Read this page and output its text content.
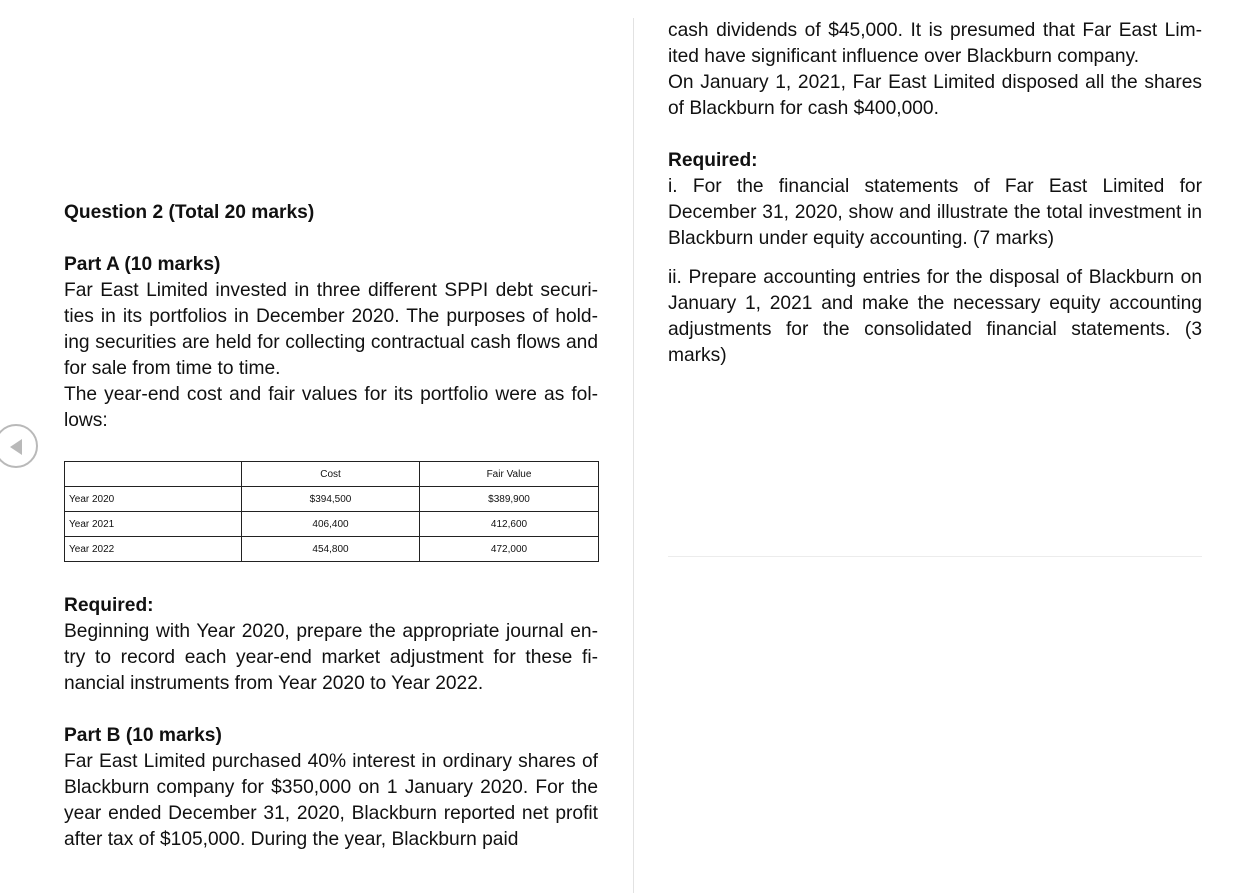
Question 2 (Total 20 marks)

Part A (10 marks)

Far East Limited invested in three different SPPI debt securi-ties in its portfolios in December 2020. The purposes of hold-ing securities are held for collecting contractual cash flows and for sale from time to time.

The year-end cost and fair values for its portfolio were as fol-lows:

	Cost	Fair Value
Year 2020	$394,500	$389,900
Year 2021	406,400	412,600
Year 2022	454,800	472,000

Required:

Beginning with Year 2020, prepare the appropriate journal en-try to record each year-end market adjustment for these fi-nancial instruments from Year 2020 to Year 2022.

Part B (10 marks)

Far East Limited purchased 40% interest in ordinary shares of Blackburn company for $350,000 on 1 January 2020. For the year ended December 31, 2020, Blackburn reported net profit after tax of $105,000. During the year, Blackburn paid

cash dividends of $45,000. It is presumed that Far East Lim-ited have significant influence over Blackburn company.

On January 1, 2021, Far East Limited disposed all the shares of Blackburn for cash $400,000.

Required:

i. For the financial statements of Far East Limited for December 31, 2020, show and illustrate the total investment in Blackburn under equity accounting. (7 marks)

ii. Prepare accounting entries for the disposal of Blackburn on January 1, 2021 and make the necessary equity accounting adjustments for the consolidated financial statements. (3 marks)
